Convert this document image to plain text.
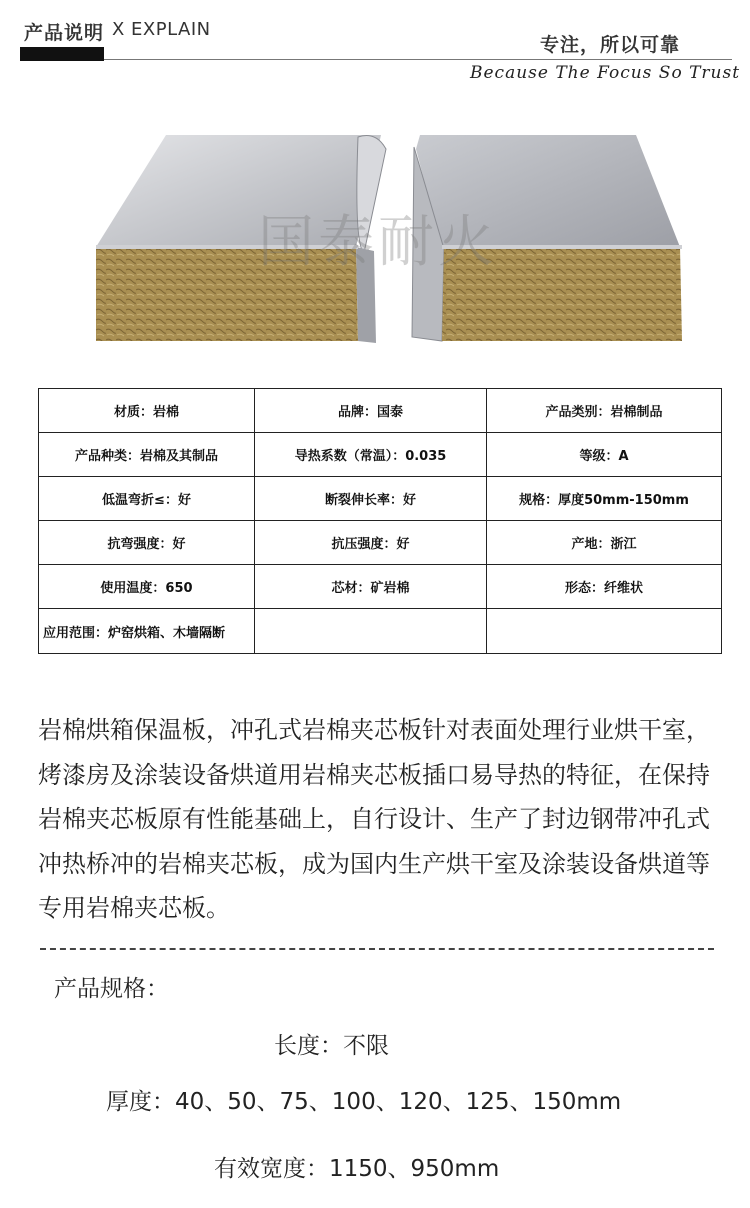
产品说明 X EXPLAIN
专注，所以可靠
Because The Focus So Trust
国泰耐火
材质：岩棉	品牌：国泰	产品类别：岩棉制品
产品种类：岩棉及其制品	导热系数（常温）：0.035	等级：A
低温弯折≤：好	断裂伸长率：好	规格：厚度50mm-150mm
抗弯强度：好	抗压强度：好	产地：浙江
使用温度：650	芯材：矿岩棉	形态：纤维状
应用范围：炉窑烘箱、木墙隔断		
岩棉烘箱保温板，冲孔式岩棉夹芯板针对表面处理行业烘干室，烤漆房及涂装设备烘道用岩棉夹芯板插口易导热的特征，在保持岩棉夹芯板原有性能基础上，自行设计、生产了封边钢带冲孔式冲热桥冲的岩棉夹芯板，成为国内生产烘干室及涂装设备烘道等专用岩棉夹芯板。
产品规格：
长度：不限
厚度：40、50、75、100、120、125、150mm
有效宽度：1150、950mm
